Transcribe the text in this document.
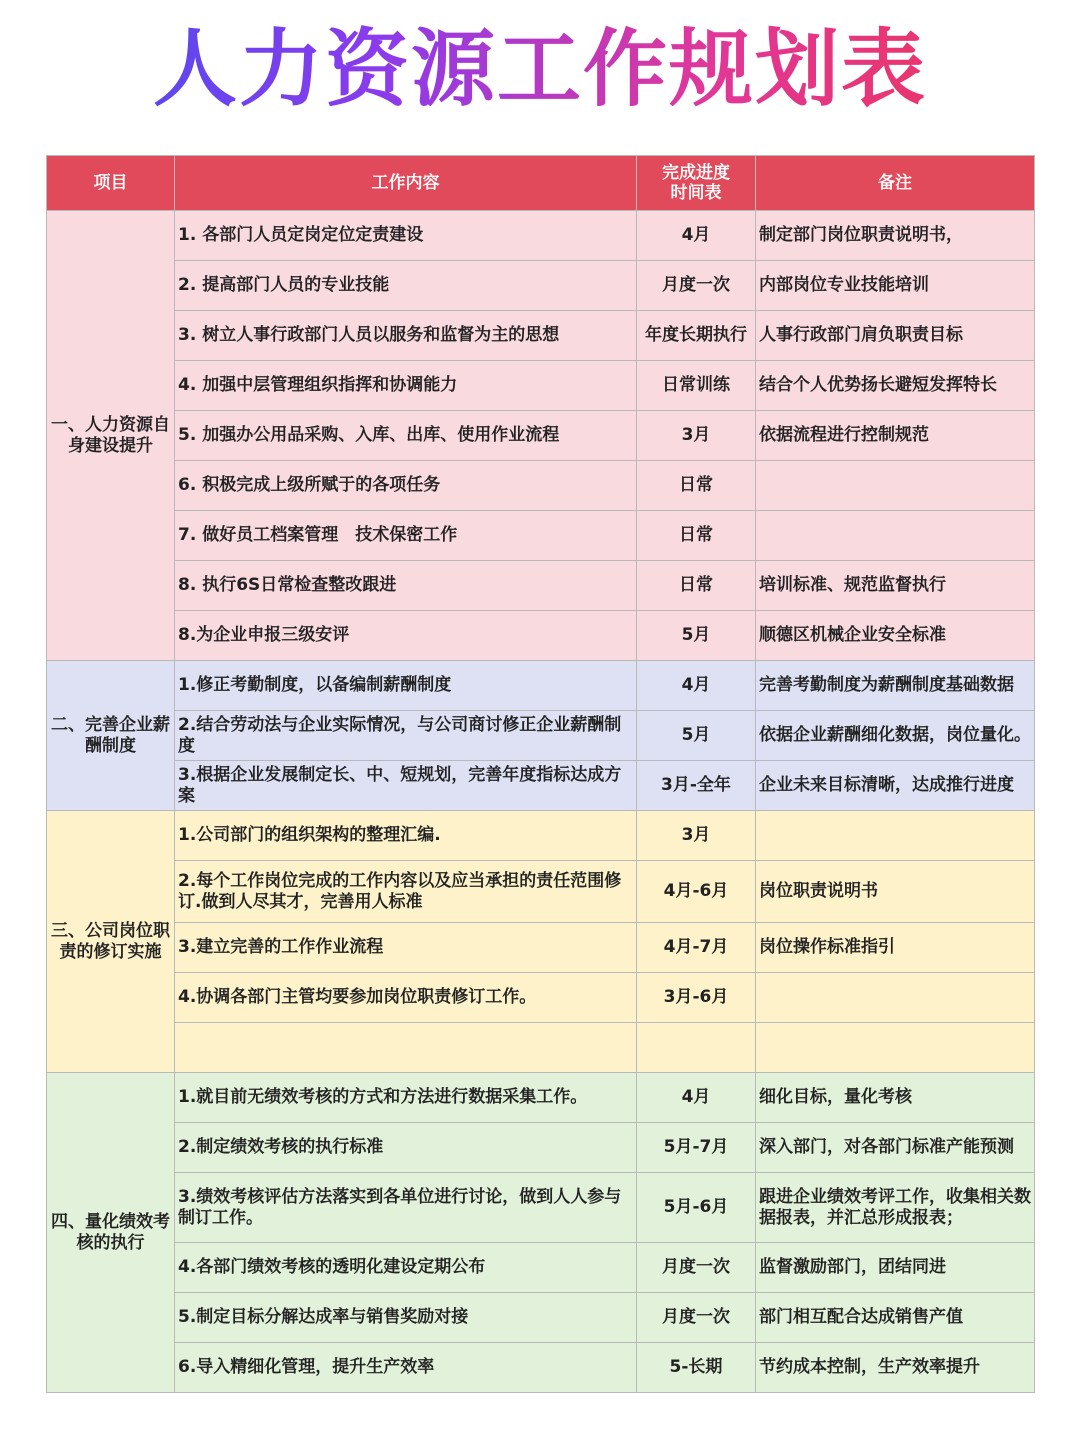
人力资源工作规划表
项目	工作内容	完成进度时间表	备注
一、人力资源自身建设提升	1. 各部门人员定岗定位定责建设	4月	制定部门岗位职责说明书，
	2. 提高部门人员的专业技能	月度一次	内部岗位专业技能培训
	3. 树立人事行政部门人员以服务和监督为主的思想	年度长期执行	人事行政部门肩负职责目标
	4. 加强中层管理组织指挥和协调能力	日常训练	结合个人优势扬长避短发挥特长
	5. 加强办公用品采购、入库、出库、使用作业流程	3月	依据流程进行控制规范
	6. 积极完成上级所赋于的各项任务	日常	
	7. 做好员工档案管理　技术保密工作	日常	
	8. 执行6S日常检查整改跟进	日常	培训标准、规范监督执行
	8.为企业申报三级安评	5月	顺德区机械企业安全标准
二、完善企业薪酬制度	1.修正考勤制度，以备编制薪酬制度	4月	完善考勤制度为薪酬制度基础数据
	2.结合劳动法与企业实际情况，与公司商讨修正企业薪酬制度	5月	依据企业薪酬细化数据，岗位量化。
	3.根据企业发展制定长、中、短规划，完善年度指标达成方案	3月-全年	企业未来目标清晰，达成推行进度
三、公司岗位职责的修订实施	1.公司部门的组织架构的整理汇编.	3月	
	2.每个工作岗位完成的工作内容以及应当承担的责任范围修订.做到人尽其才，完善用人标准	4月-6月	岗位职责说明书
	3.建立完善的工作作业流程	4月-7月	岗位操作标准指引
	4.协调各部门主管均要参加岗位职责修订工作。	3月-6月	

四、量化绩效考核的执行	1.就目前无绩效考核的方式和方法进行数据采集工作。	4月	细化目标，量化考核
	2.制定绩效考核的执行标准	5月-7月	深入部门，对各部门标准产能预测
	3.绩效考核评估方法落实到各单位进行讨论，做到人人参与制订工作。	5月-6月	跟进企业绩效考评工作，收集相关数据报表，并汇总形成报表；
	4.各部门绩效考核的透明化建设定期公布	月度一次	监督激励部门，团结同进
	5.制定目标分解达成率与销售奖励对接	月度一次	部门相互配合达成销售产值
	6.导入精细化管理，提升生产效率	5-长期	节约成本控制，生产效率提升
